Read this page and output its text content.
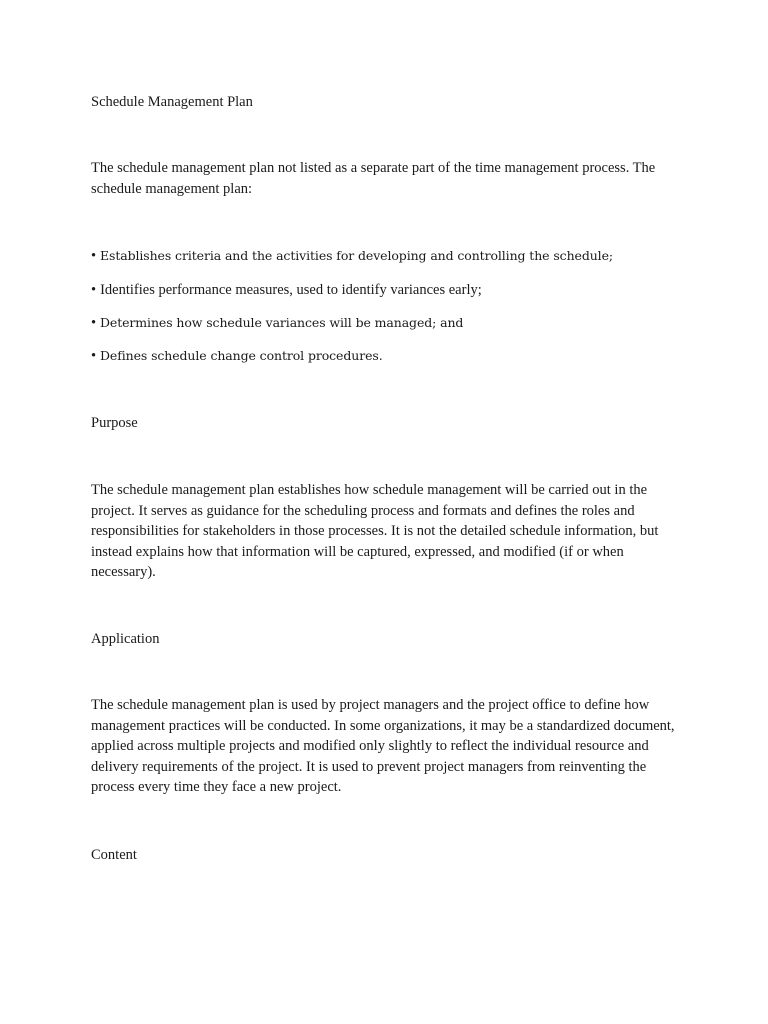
Schedule Management Plan

The schedule management plan not listed as a separate part of the time management process. The schedule management plan:

• Establishes criteria and the activities for developing and controlling the schedule;

• Identifies performance measures, used to identify variances early;

• Determines how schedule variances will be managed; and

• Defines schedule change control procedures.

Purpose

The schedule management plan establishes how schedule management will be carried out in the project. It serves as guidance for the scheduling process and formats and defines the roles and responsibilities for stakeholders in those processes. It is not the detailed schedule information, but instead explains how that information will be captured, expressed, and modified (if or when necessary).

Application

The schedule management plan is used by project managers and the project office to define how management practices will be conducted. In some organizations, it may be a standardized document, applied across multiple projects and modified only slightly to reflect the individual resource and delivery requirements of the project. It is used to prevent project managers from reinventing the process every time they face a new project.

Content
